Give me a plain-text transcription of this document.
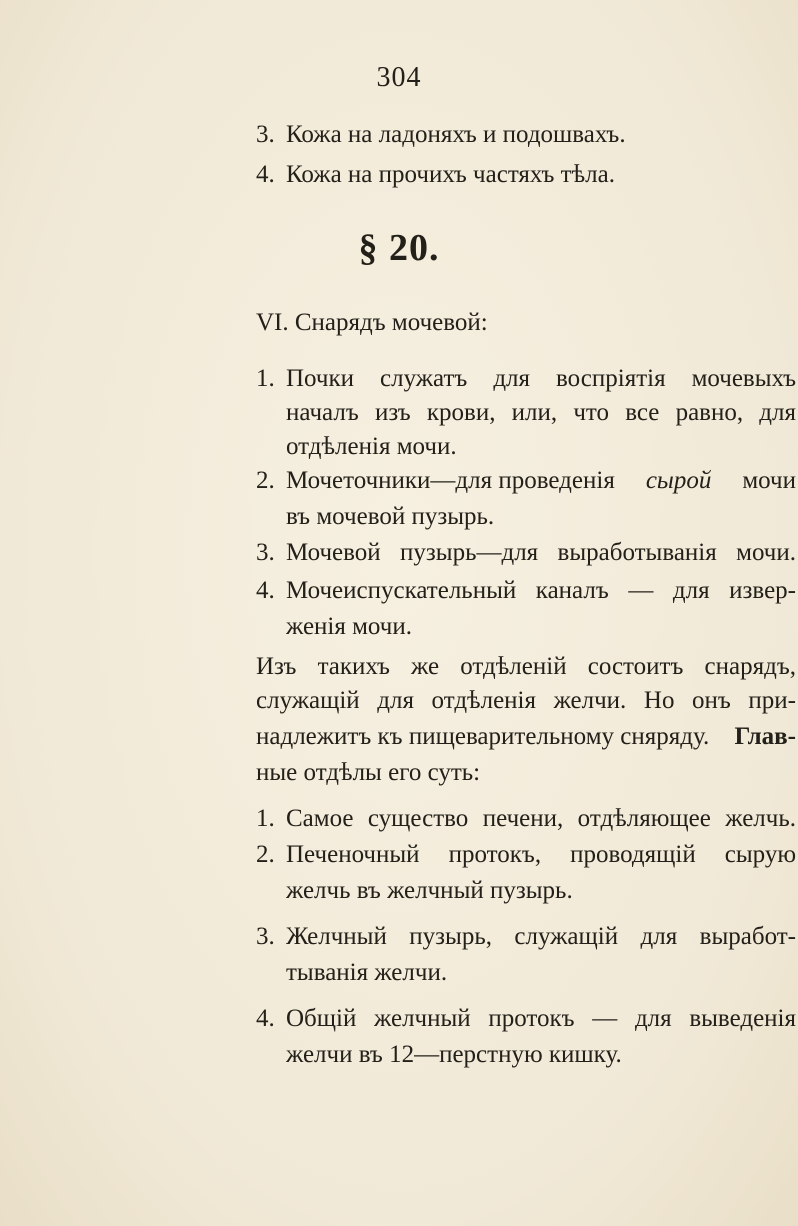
304
3. Кожа на ладоняхъ и подошвахъ.
4. Кожа на прочихъ частяхъ тѣла.
§ 20.
VI. Снарядъ мочевой:
1. Почки служатъ для воспріятія мочевыхъ
началъ изъ крови, или, что все равно, для
отдѣленія мочи.
2. Мочеточники—для проведенія сырой мочи
въ мочевой пузырь.
3. Мочевой пузырь—для выработыванія мочи.
4. Мочеиспускательный каналъ — для извер-
женія мочи.
Изъ такихъ же отдѣленій состоитъ снарядъ,
служащій для отдѣленія желчи. Но онъ при-
надлежитъ къ пищеварительному сняряду. Глав-
ные отдѣлы его суть:
1. Самое существо печени, отдѣляющее желчь.
2. Печеночный протокъ, проводящій сырую
желчь въ желчный пузырь.
3. Желчный пузырь, служащій для выработ-
тыванія желчи.
4. Общій желчный протокъ — для выведенія
желчи въ 12—перстную кишку.
